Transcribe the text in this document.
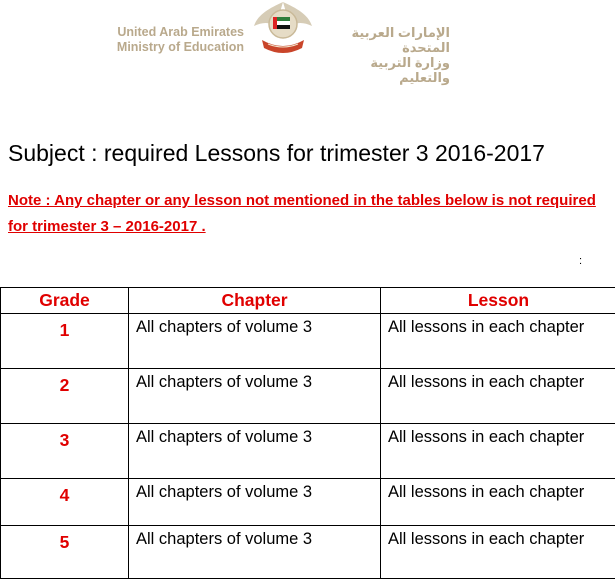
United Arab Emirates
Ministry of Education
الإمارات العربية المتحدة
وزارة التربية والتعليم
Subject : required Lessons for trimester 3 2016-2017
Note : Any chapter or any lesson not mentioned in the tables below is not required for trimester 3 – 2016-2017 .
:
Grade	Chapter	Lesson
1	All chapters of volume 3	All lessons in each chapter
2	All chapters of volume 3	All lessons in each chapter
3	All chapters of volume 3	All lessons in each chapter
4	All chapters of volume 3	All lessons in each chapter
5	All chapters of volume 3	All lessons in each chapter
